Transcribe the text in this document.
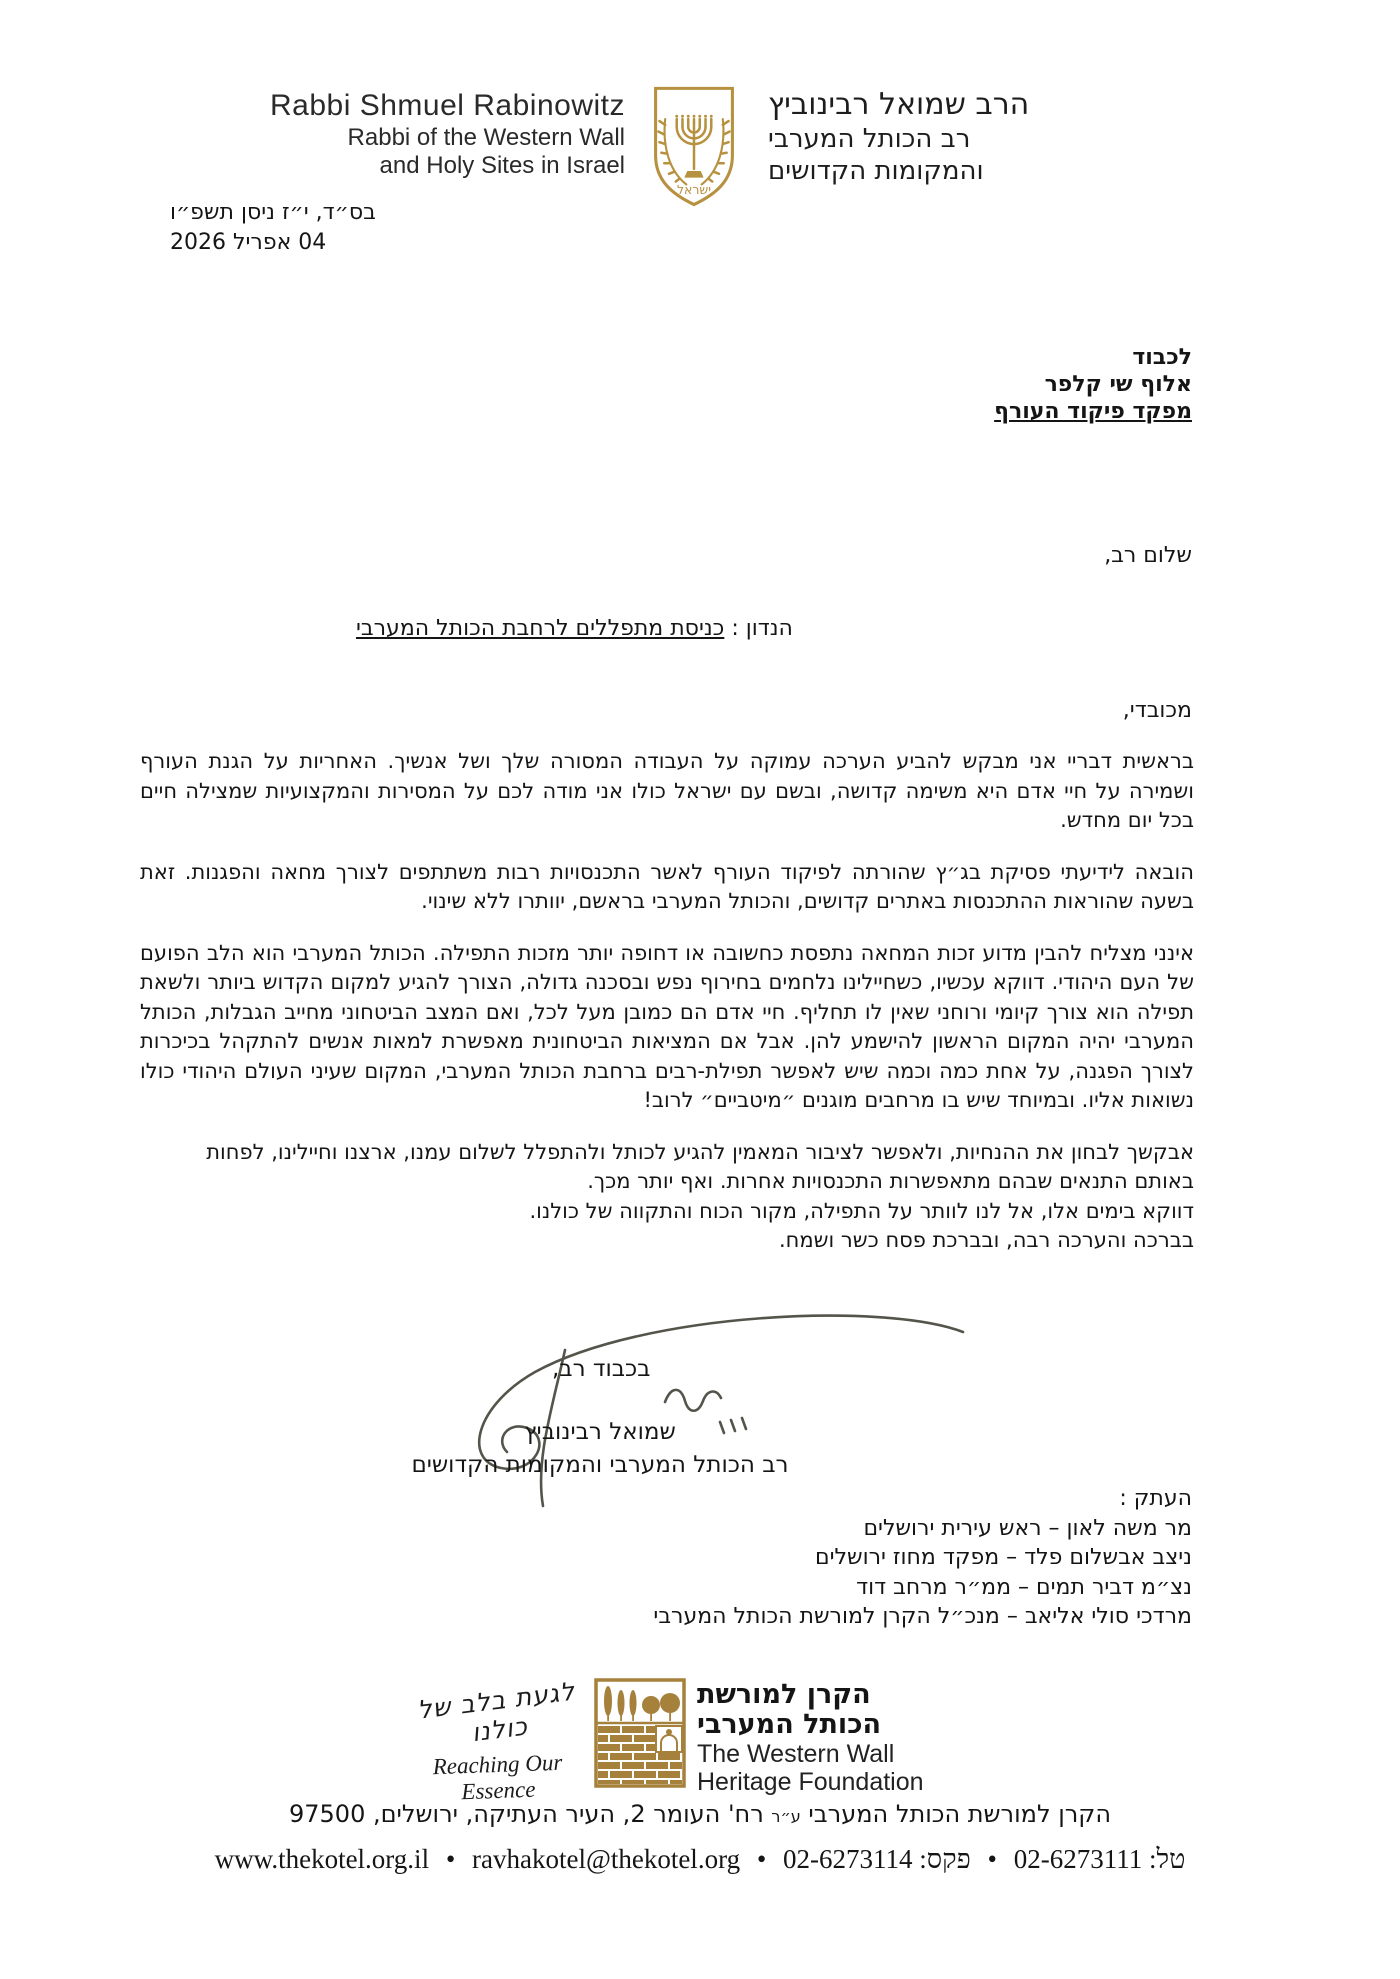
Rabbi Shmuel Rabinowitz
Rabbi of the Western Wall
and Holy Sites in Israel
ישראל
הרב שמואל רבינוביץ
רב הכותל המערבי
והמקומות הקדושים
בס״ד, י״ז ניסן תשפ״ו
04 אפריל 2026
לכבוד
אלוף שי קלפר
מפקד פיקוד העורף
שלום רב,
הנדון : כניסת מתפללים לרחבת הכותל המערבי
מכובדי,

בראשית דבריי אני מבקש להביע הערכה עמוקה על העבודה המסורה שלך ושל אנשיך. האחריות על הגנת העורף ושמירה על חיי אדם היא משימה קדושה, ובשם עם ישראל כולו אני מודה לכם על המסירות והמקצועיות שמצילה חיים בכל יום מחדש.

הובאה לידיעתי פסיקת בג״ץ שהורתה לפיקוד העורף לאשר התכנסויות רבות משתתפים לצורך מחאה והפגנות. זאת בשעה שהוראות ההתכנסות באתרים קדושים, והכותל המערבי בראשם, יוותרו ללא שינוי.

אינני מצליח להבין מדוע זכות המחאה נתפסת כחשובה או דחופה יותר מזכות התפילה. הכותל המערבי הוא הלב הפועם של העם היהודי. דווקא עכשיו, כשחיילינו נלחמים בחירוף נפש ובסכנה גדולה, הצורך להגיע למקום הקדוש ביותר ולשאת תפילה הוא צורך קיומי ורוחני שאין לו תחליף. חיי אדם הם כמובן מעל לכל, ואם המצב הביטחוני מחייב הגבלות, הכותל המערבי יהיה המקום הראשון להישמע להן. אבל אם המציאות הביטחונית מאפשרת למאות אנשים להתקהל בכיכרות לצורך הפגנה, על אחת כמה וכמה שיש לאפשר תפילת-רבים ברחבת הכותל המערבי, המקום שעיני העולם היהודי כולו נשואות אליו. ובמיוחד שיש בו מרחבים מוגנים ״מיטביים״ לרוב!

אבקשך לבחון את ההנחיות, ולאפשר לציבור המאמין להגיע לכותל ולהתפלל לשלום עמנו, ארצנו וחיילינו, לפחות באותם התנאים שבהם מתאפשרות התכנסויות אחרות. ואף יותר מכך.

דווקא בימים אלו, אל לנו לוותר על התפילה, מקור הכוח והתקווה של כולנו.

בברכה והערכה רבה, ובברכת פסח כשר ושמח.

בכבוד רב,
שמואל רבינוביץ
רב הכותל המערבי והמקומות הקדושים
העתק :
מר משה לאון – ראש עירית ירושלים
ניצב אבשלום פלד – מפקד מחוז ירושלים
נצ״מ דביר תמים – ממ״ר מרחב דוד
מרדכי סולי אליאב – מנכ״ל הקרן למורשת הכותל המערבי
לגעת בלב של כולנו
Reaching Our Essence
הקרן למורשת
הכותל המערבי
The Western Wall
Heritage Foundation
הקרן למורשת הכותל המערבי ע״ר רח' העומר 2, העיר העתיקה, ירושלים, 97500
טל: 02-6273111 • פקס: 02-6273114 • ravhakotel@thekotel.org • www.thekotel.org.il
